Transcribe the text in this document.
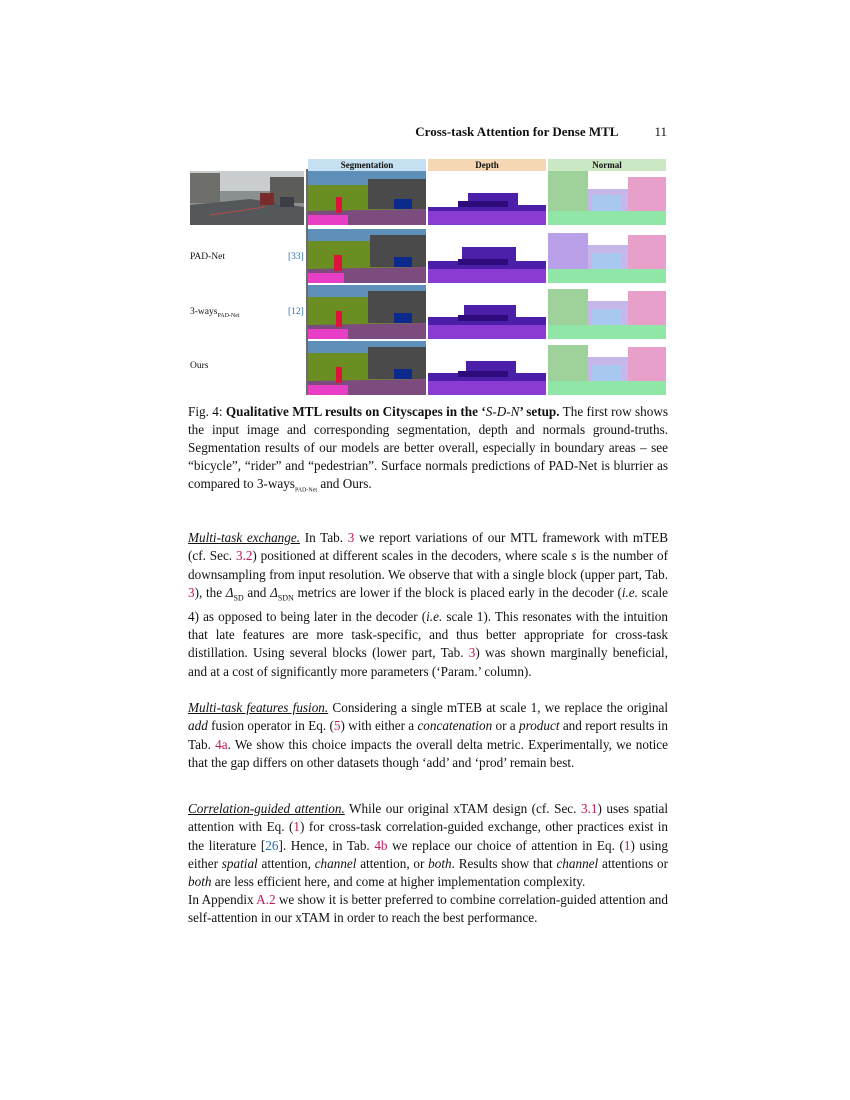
Cross-task Attention for Dense MTL	11
Segmentation	Depth	Normal
PAD-Net	[33]
3-ways$_{PAD-Net}$	[12]
Ours
Fig. 4: Qualitative MTL results on Cityscapes in the ‘S-D-N’ setup. The first row shows the input image and corresponding segmentation, depth and normals ground-truths. Segmentation results of our models are better overall, especially in boundary areas – see “bicycle”, “rider” and “pedestrian”. Surface normals predictions of PAD-Net is blurrier as compared to 3-ways$_{PAD-Net}$ and Ours.
Multi-task exchange. In Tab. 3 we report variations of our MTL framework with mTEB (cf. Sec. 3.2) positioned at different scales in the decoders, where scale s is the number of downsampling from input resolution. We observe that with a single block (upper part, Tab. 3), the $\Delta_{SD}$ and $\Delta_{SDN}$ metrics are lower if the block is placed early in the decoder (i.e. scale 4) as opposed to being later in the decoder (i.e. scale 1). This resonates with the intuition that late features are more task-specific, and thus better appropriate for cross-task distillation. Using several blocks (lower part, Tab. 3) was shown marginally beneficial, and at a cost of significantly more parameters (‘Param.’ column).
Multi-task features fusion. Considering a single mTEB at scale 1, we replace the original add fusion operator in Eq. (5) with either a concatenation or a product and report results in Tab. 4a. We show this choice impacts the overall delta metric. Experimentally, we notice that the gap differs on other datasets though ‘add’ and ‘prod’ remain best.
Correlation-guided attention. While our original xTAM design (cf. Sec. 3.1) uses spatial attention with Eq. (1) for cross-task correlation-guided exchange, other practices exist in the literature [26]. Hence, in Tab. 4b we replace our choice of attention in Eq. (1) using either spatial attention, channel attention, or both. Results show that channel attentions or both are less efficient here, and come at higher implementation complexity.
In Appendix A.2 we show it is better preferred to combine correlation-guided attention and self-attention in our xTAM in order to reach the best performance.
